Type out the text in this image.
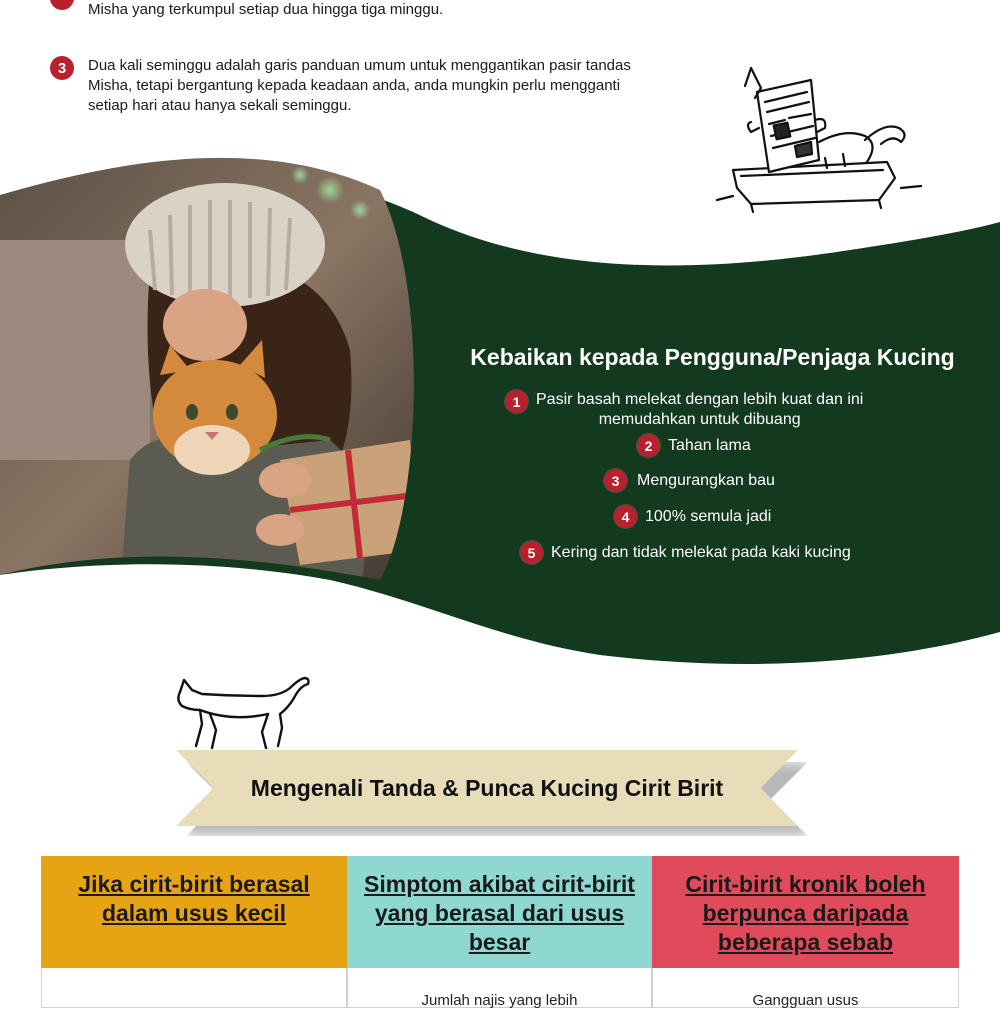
Misha yang terkumpul setiap dua hingga tiga minggu.
3 Dua kali seminggu adalah garis panduan umum untuk menggantikan pasir tandas
Misha, tetapi bergantung kepada keadaan anda, anda mungkin perlu mengganti
setiap hari atau hanya sekali seminggu.
Kebaikan kepada Pengguna/Penjaga Kucing
1 Pasir basah melekat dengan lebih kuat dan ini
memudahkan untuk dibuang
2 Tahan lama
3 Mengurangkan bau
4 100% semula jadi
5 Kering dan tidak melekat pada kaki kucing
Mengenali Tanda & Punca Kucing Cirit Birit
Jika cirit-birit berasal
dalam usus kecil
Simptom akibat cirit-birit
yang berasal dari usus
besar
Jumlah najis yang lebih
Cirit-birit kronik boleh
berpunca daripada
beberapa sebab
Gangguan usus
